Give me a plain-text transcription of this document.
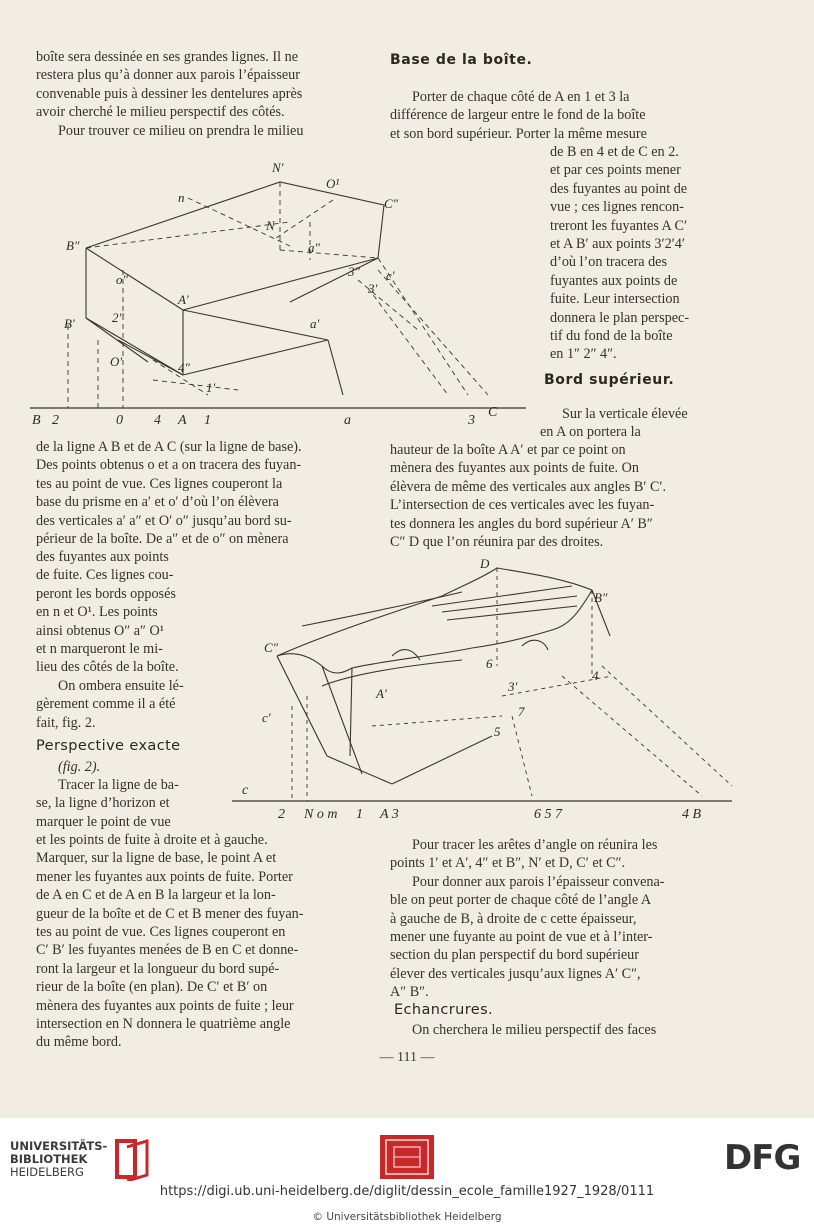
boîte sera dessinée en ses grandes lignes. Il ne

restera plus qu’à donner aux parois l’épaisseur

convenable puis à dessiner les dentelures après

avoir cherché le milieu perspectif des côtés.

Pour trouver ce milieu on prendra le milieu

N′
O¹
n	C″
B″
N
a″
o″
A′
3″ c′
3′
a′
B′	2″
O′	4″
1′
B 2	0 4 A 1	a	3
C

de la ligne A B et de A C (sur la ligne de base).

Des points obtenus o et a on tracera des fuyan-

tes au point de vue. Ces lignes couperont la

base du prisme en a′ et o′ d’où l’on élèvera

des verticales a′ a″ et O′ o″ jusqu’au bord su-

périeur de la boîte. De a″ et de o″ on mènera

des fuyantes aux points

de fuite. Ces lignes cou-

peront les bords opposés

en n et O¹. Les points

ainsi obtenus O″ a″ O¹

et n marqueront le mi-

lieu des côtés de la boîte.

On ombera ensuite lé-

gèrement comme il a été

fait, fig. 2.

Perspective exacte
(fig. 2).

Tracer la ligne de ba-

se, la ligne d’horizon et

marquer le point de vue

et les points de fuite à droite et à gauche.

Marquer, sur la ligne de base, le point A et

mener les fuyantes aux points de fuite. Porter

de A en C et de A en B la largeur et la lon-

gueur de la boîte et de C et B mener des fuyan-

tes au point de vue. Ces lignes couperont en

C′ B′ les fuyantes menées de B en C et donne-

ront la largeur et la longueur du bord supé-

rieur de la boîte (en plan). De C′ et B′ on

mènera des fuyantes aux points de fuite ; leur

intersection en N donnera le quatrième angle

du même bord.

Base de la boîte.

Porter de chaque côté de A en 1 et 3 la

différence de largeur entre le fond de la boîte

et son bord supérieur. Porter la même mesure

de B en 4 et de C en 2.

et par ces points mener

des fuyantes au point de

vue ; ces lignes rencon-

treront les fuyantes A C′

et A B′ aux points 3′2′4′

d’où l’on tracera des

fuyantes aux points de

fuite. Leur intersection

donnera le plan perspec-

tif du fond de la boîte

en 1″ 2″ 4″.

Bord supérieur.

Sur la verticale élevée

en A on portera la

hauteur de la boîte A A′ et par ce point on

mènera des fuyantes aux points de fuite. On

élèvera de même des verticales aux angles B′ C′.

L’intersection de ces verticales avec les fuyan-

tes donnera les angles du bord supérieur A′ B″

C″ D que l’on réunira par des droites.

D
B″
C″
c′
A′
6
4
5
7
3′
c
2 N o m 1 A 3	6 5 7	4 B

Pour tracer les arêtes d’angle on réunira les

points 1′ et A′, 4″ et B″, N′ et D, C′ et C″.

Pour donner aux parois l’épaisseur convena-

ble on peut porter de chaque côté de l’angle A

à gauche de B, à droite de c cette épaisseur,

mener une fuyante au point de vue et à l’inter-

section du plan perspectif du bord supérieur

élever des verticales jusqu’aux lignes A′ C″,

A″ B″.

Echancrures.

On cherchera le milieu perspectif des faces

— 111 —
UNIVERSITÄTS-
BIBLIOTHEK
HEIDELBERG	DFG
https://digi.ub.uni-heidelberg.de/diglit/dessin_ecole_famille1927_1928/0111
© Universitätsbibliothek Heidelberg
